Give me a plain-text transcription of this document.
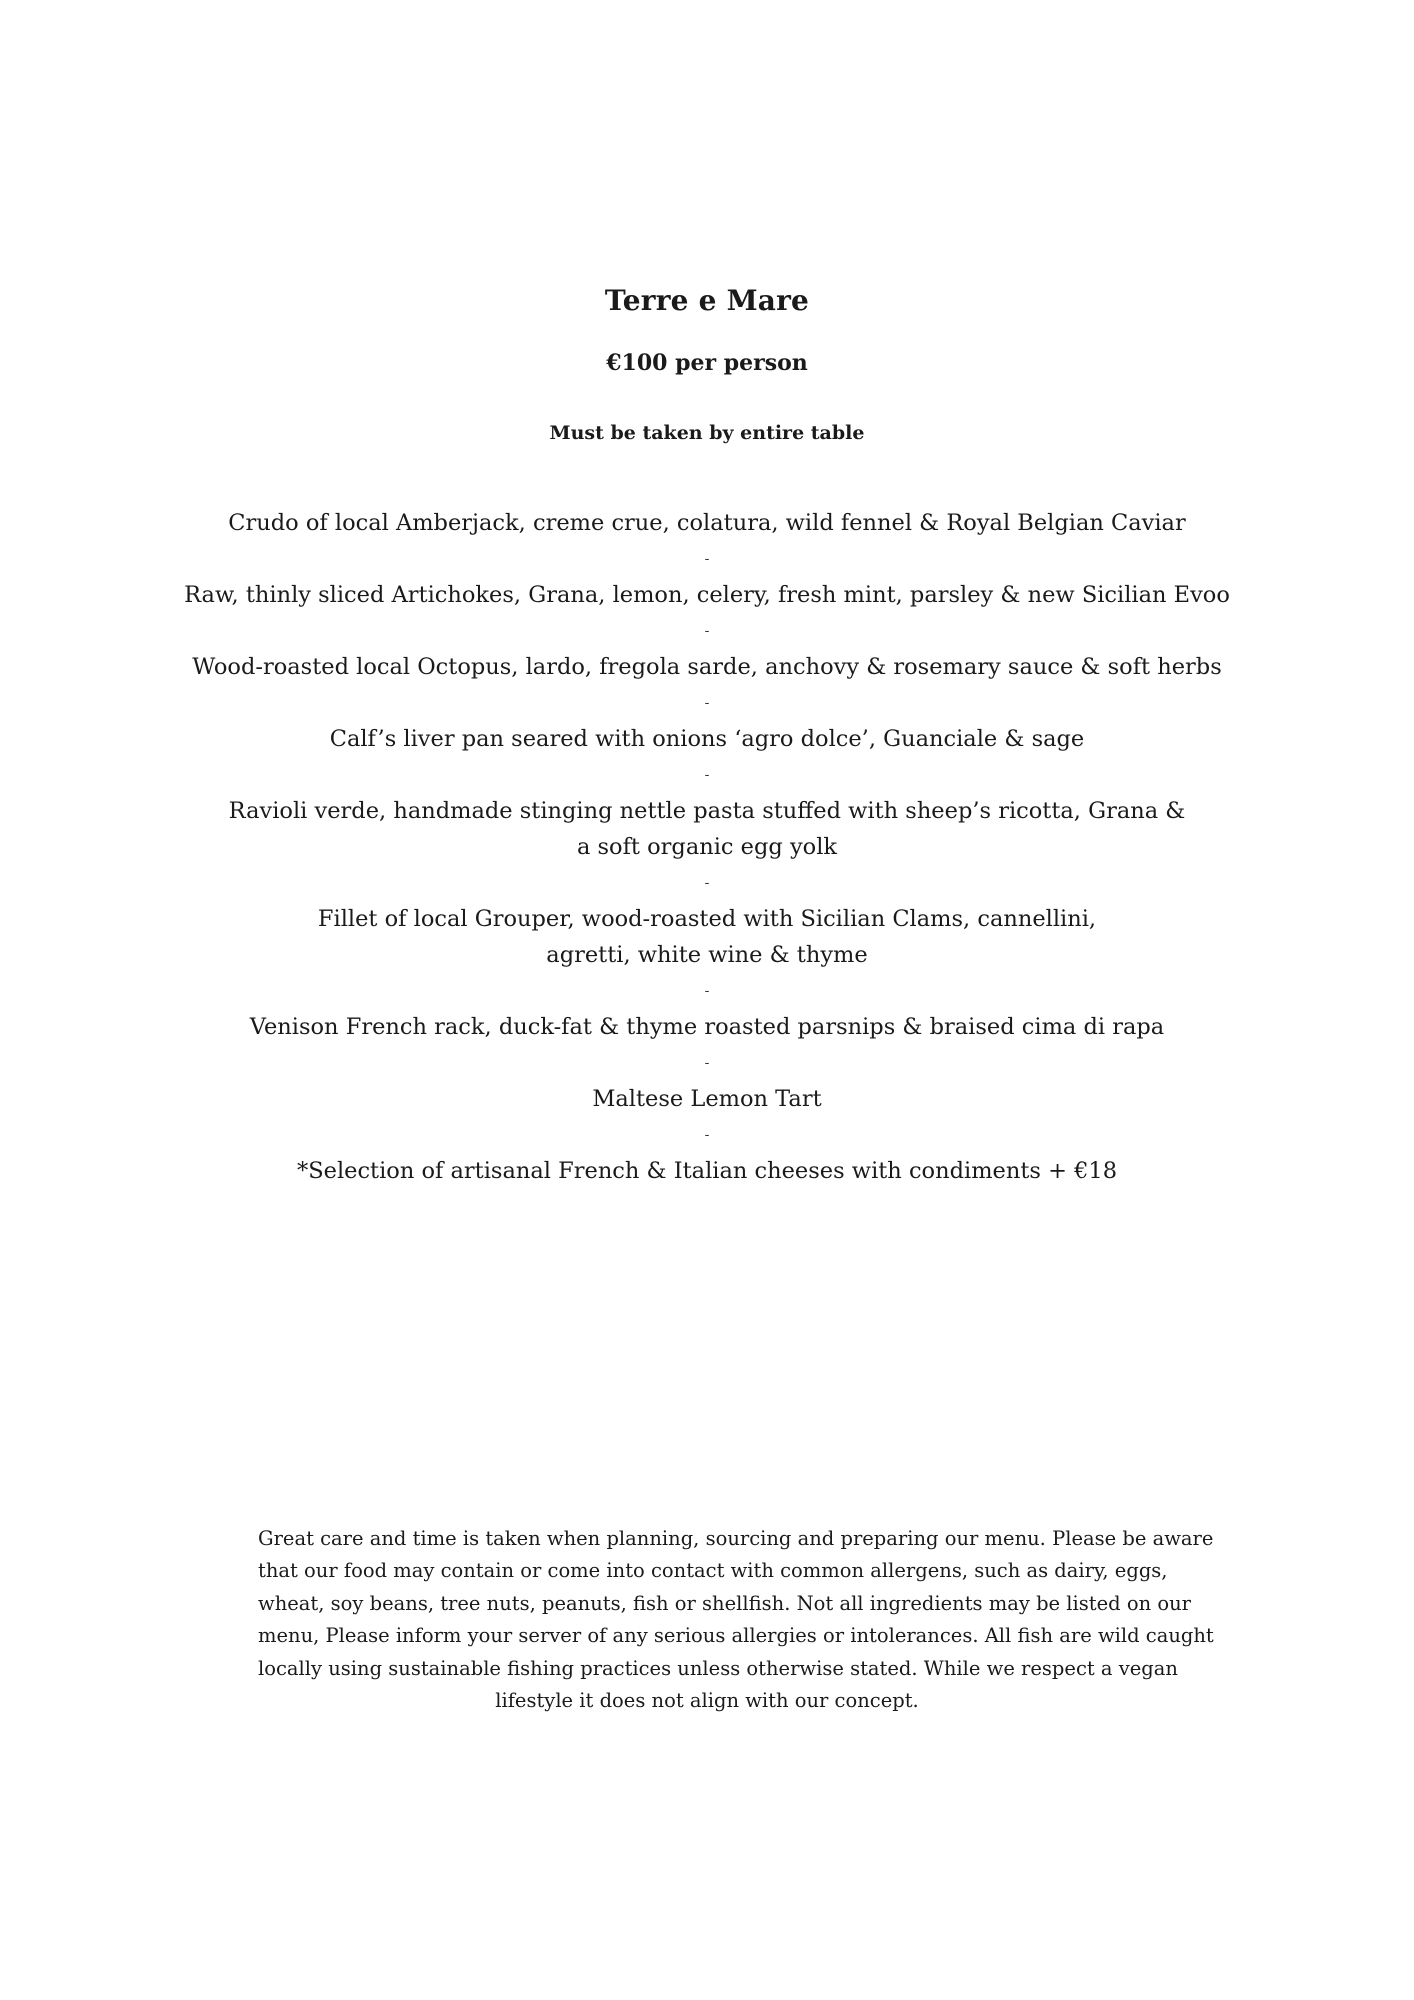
Terre e Mare
€100 per person
Must be taken by entire table
Crudo of local Amberjack, creme crue, colatura, wild fennel & Royal Belgian Caviar
-
Raw, thinly sliced Artichokes, Grana, lemon, celery, fresh mint, parsley & new Sicilian Evoo
-
Wood-roasted local Octopus, lardo, fregola sarde, anchovy & rosemary sauce & soft herbs
-
Calf’s liver pan seared with onions ‘agro dolce’, Guanciale & sage
-
Ravioli verde, handmade stinging nettle pasta stuffed with sheep’s ricotta, Grana &
a soft organic egg yolk
-
Fillet of local Grouper, wood-roasted with Sicilian Clams, cannellini,
agretti, white wine & thyme
-
Venison French rack, duck-fat & thyme roasted parsnips & braised cima di rapa
-
Maltese Lemon Tart
-
*Selection of artisanal French & Italian cheeses with condiments + €18
Great care and time is taken when planning, sourcing and preparing our menu. Please be aware
that our food may contain or come into contact with common allergens, such as dairy, eggs,
wheat, soy beans, tree nuts, peanuts, fish or shellfish. Not all ingredients may be listed on our
menu, Please inform your server of any serious allergies or intolerances. All fish are wild caught
locally using sustainable fishing practices unless otherwise stated. While we respect a vegan
lifestyle it does not align with our concept.
